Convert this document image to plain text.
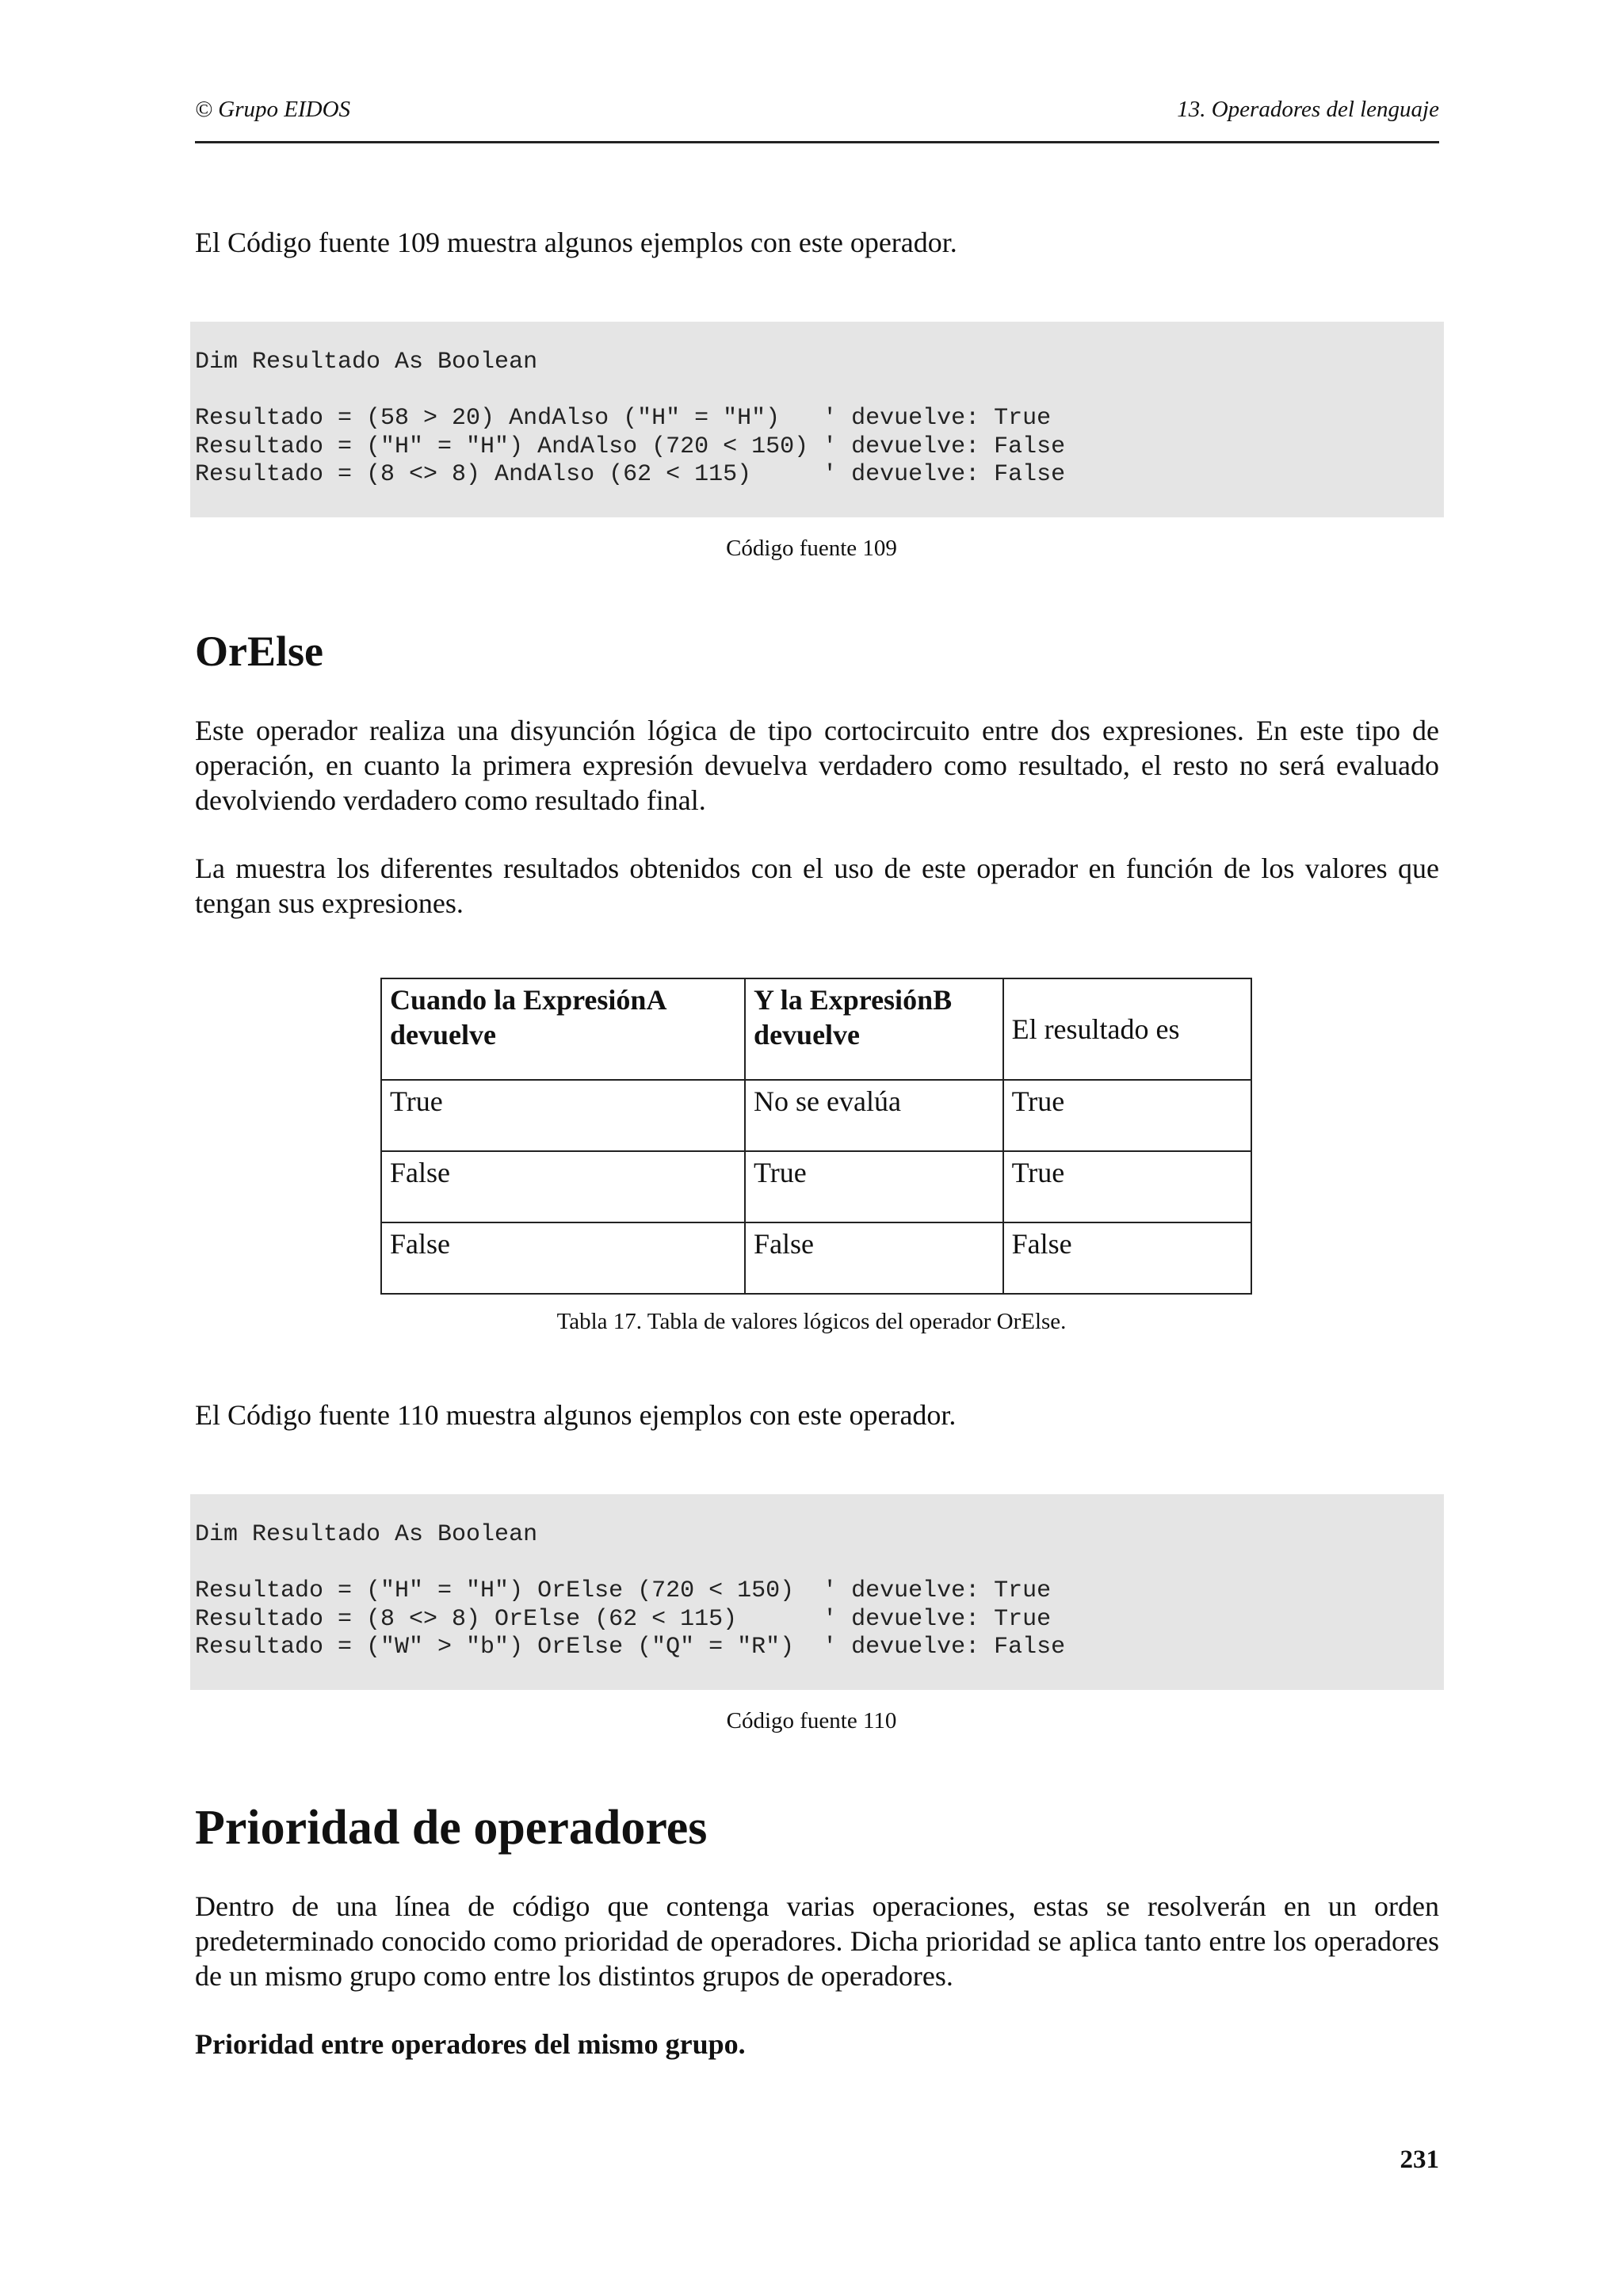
© Grupo EIDOS	13. Operadores del lenguaje

El Código fuente 109 muestra algunos ejemplos con este operador.

Dim Resultado As Boolean
Resultado = (58 > 20) AndAlso ("H" = "H")   ' devuelve: True
Resultado = ("H" = "H") AndAlso (720 < 150) ' devuelve: False
Resultado = (8 <> 8) AndAlso (62 < 115)     ' devuelve: False
Código fuente 109
OrElse

Este operador realiza una disyunción lógica de tipo cortocircuito entre dos expresiones. En este tipo de operación, en cuanto la primera expresión devuelva verdadero como resultado, el resto no será evaluado devolviendo verdadero como resultado final.

La muestra los diferentes resultados obtenidos con el uso de este operador en función de los valores que tengan sus expresiones.

Cuando la ExpresiónA devuelve	Y la ExpresiónB devuelve	El resultado es
True	No se evalúa	True
False	True	True
False	False	False
Tabla 17. Tabla de valores lógicos del operador OrElse.

El Código fuente 110 muestra algunos ejemplos con este operador.

Dim Resultado As Boolean
Resultado = ("H" = "H") OrElse (720 < 150)  ' devuelve: True
Resultado = (8 <> 8) OrElse (62 < 115)      ' devuelve: True
Resultado = ("W" > "b") OrElse ("Q" = "R")  ' devuelve: False
Código fuente 110
Prioridad de operadores

Dentro de una línea de código que contenga varias operaciones, estas se resolverán en un orden predeterminado conocido como prioridad de operadores. Dicha prioridad se aplica tanto entre los operadores de un mismo grupo como entre los distintos grupos de operadores.

Prioridad entre operadores del mismo grupo.

231
